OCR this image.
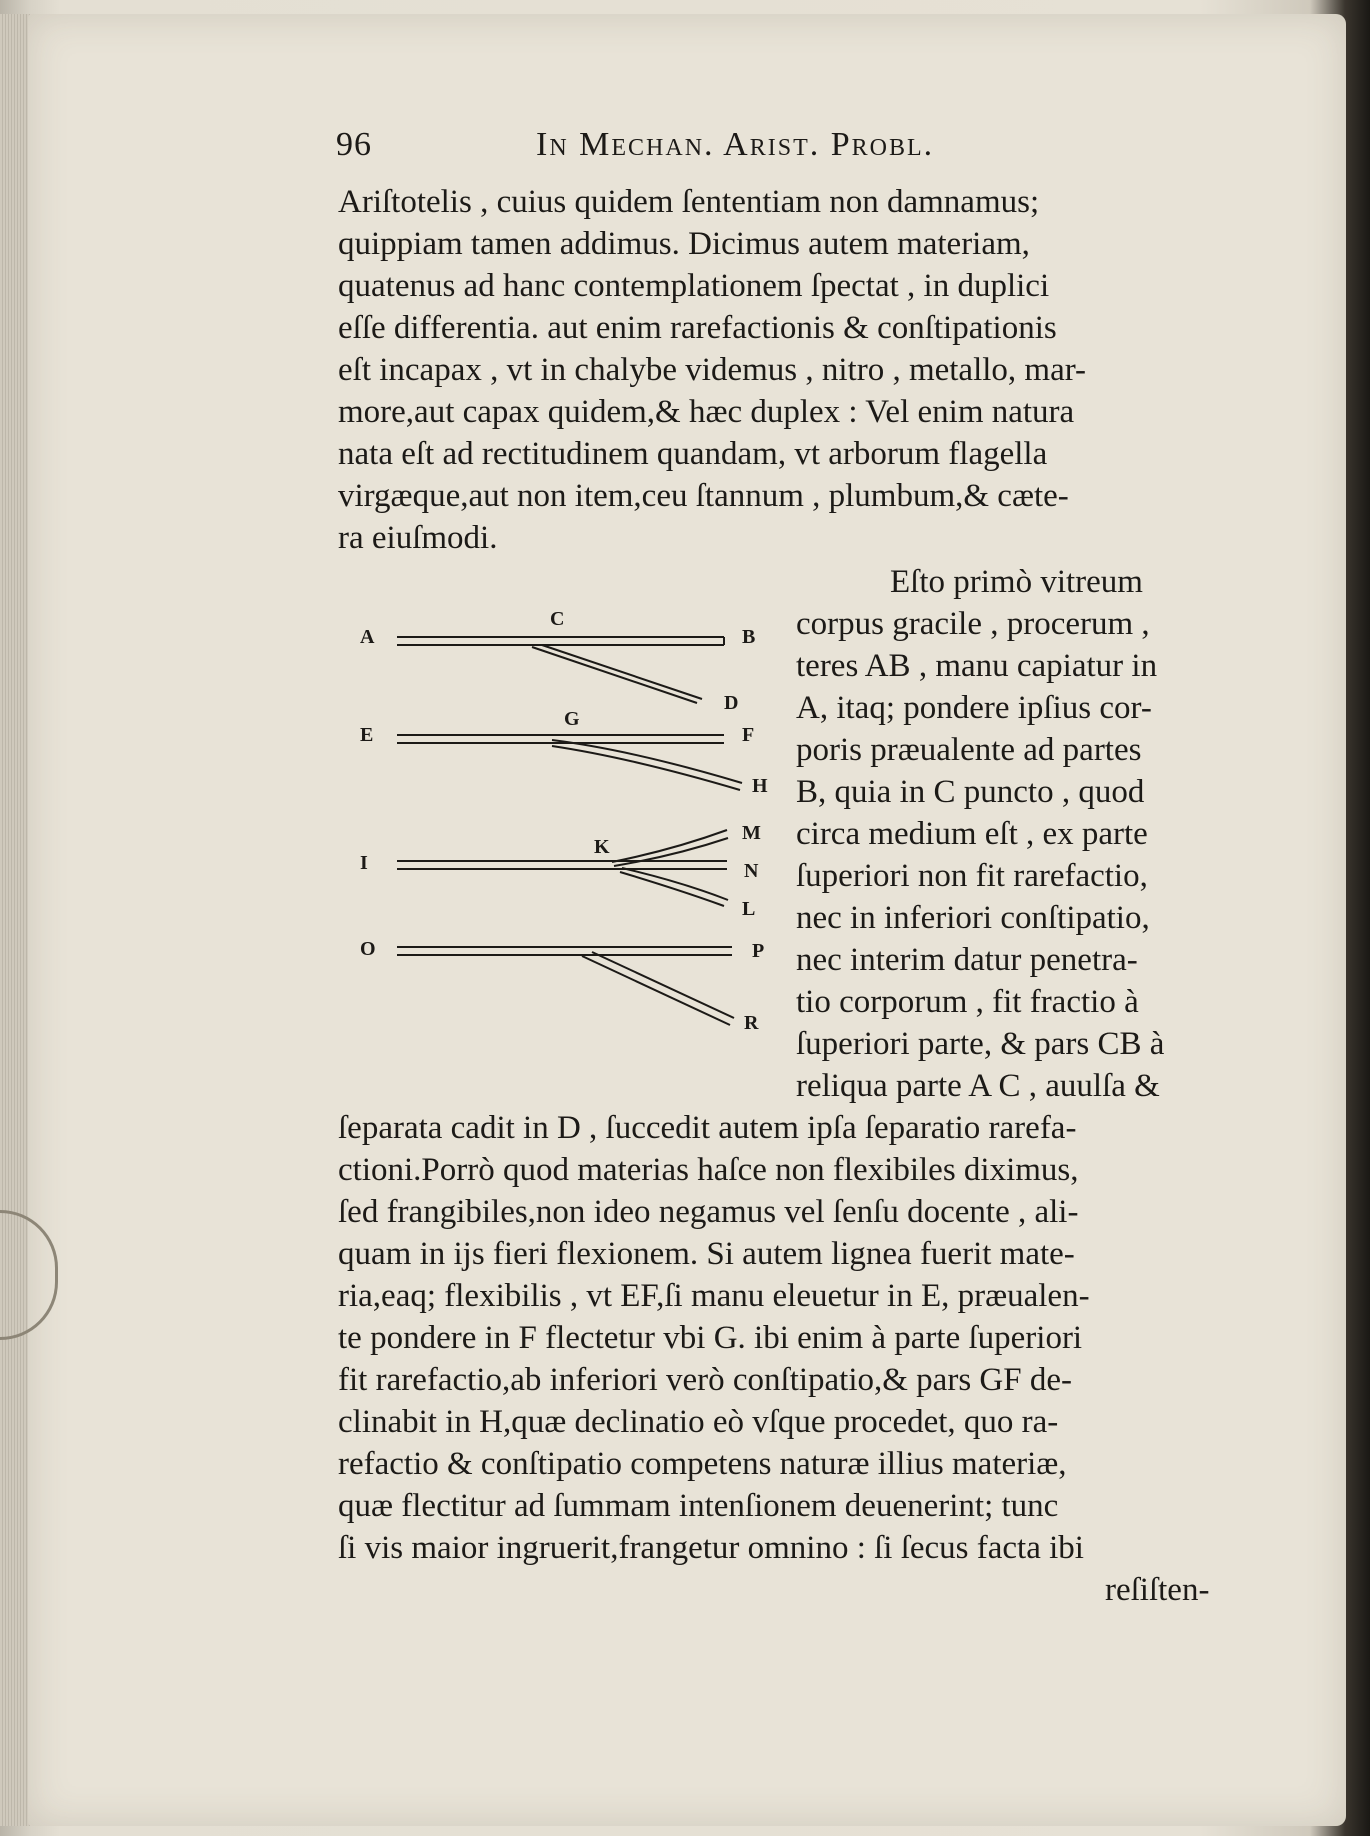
96	In Mechan. Arist. Probl.
Ariſtotelis , cuius quidem ſententiam non damnamus;
quippiam tamen addimus. Dicimus autem materiam,
quatenus ad hanc contemplationem ſpectat , in duplici
eſſe differentia. aut enim rarefactionis & conſtipationis
eſt incapax , vt in chalybe videmus , nitro , metallo, mar-
more,aut capax quidem,& hæc duplex : Vel enim natura
nata eſt ad rectitudinem quandam, vt arborum flagella
virgæque,aut non item,ceu ſtannum , plumbum,& cæte-
ra eiuſmodi.
Eſto primò vitreum
corpus gracile , procerum ,
teres AB , manu capiatur in
A, itaq; pondere ipſius cor-
poris præualente ad partes
B, quia in C puncto , quod
circa medium eſt , ex parte
ſuperiori non fit rarefactio,
nec in inferiori conſtipatio,
nec interim datur penetra-
tio corporum , fit fractio à
ſuperiori parte, & pars CB à
reliqua parte A C , auulſa &
A
C
B
D
E
G
F
H
I
K
M
N
L
O	P
R
ſeparata cadit in D , ſuccedit autem ipſa ſeparatio rarefa-
ctioni.Porrò quod materias haſce non flexibiles diximus,
ſed frangibiles,non ideo negamus vel ſenſu docente , ali-
quam in ijs fieri flexionem. Si autem lignea fuerit mate-
ria,eaq; flexibilis , vt EF,ſi manu eleuetur in E, præualen-
te pondere in F flectetur vbi G. ibi enim à parte ſuperiori
fit rarefactio,ab inferiori verò conſtipatio,& pars GF de-
clinabit in H,quæ declinatio eò vſque procedet, quo ra-
refactio & conſtipatio competens naturæ illius materiæ,
quæ flectitur ad ſummam intenſionem deuenerint; tunc
ſi vis maior ingruerit,frangetur omnino : ſi ſecus facta ibi
reſiſten-
